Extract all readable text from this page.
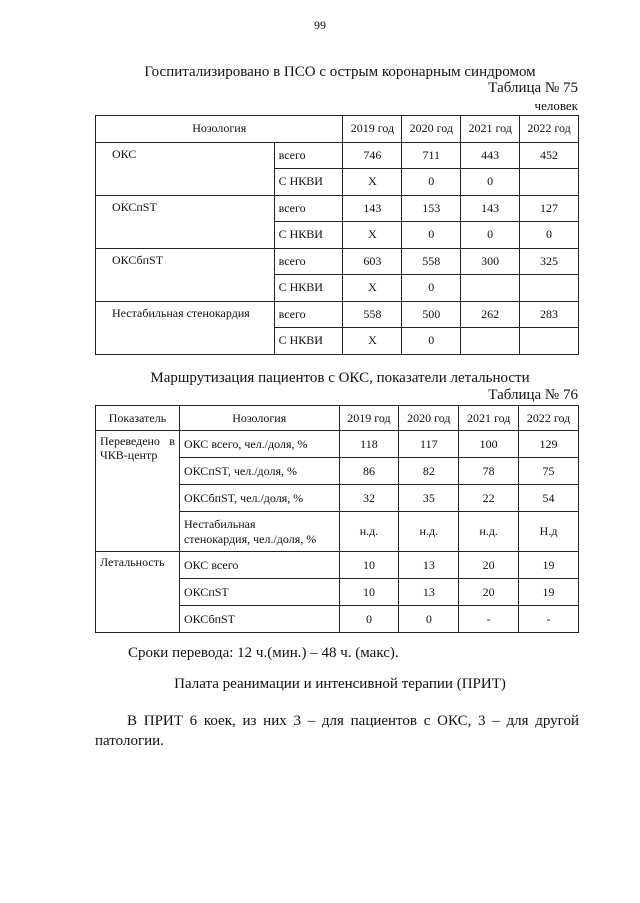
99
Госпитализировано в ПСО с острым коронарным синдромом
Таблица № 75
человек
Нозология		2019 год	2020 год	2021 год	2022 год
ОКС	всего	746	711	443	452
	С НКВИ	Х	0	0	
ОКСпST	всего	143	153	143	127
	С НКВИ	Х	0	0	0
ОКСбпST	всего	603	558	300	325
	С НКВИ	Х	0		
Нестабильная стенокардия	всего	558	500	262	283
	С НКВИ	Х	0		
Маршрутизация пациентов с ОКС, показатели летальности
Таблица № 76
Показатель	Нозология	2019 год	2020 год	2021 год	2022 год

Переведено в
ЧКВ-центр	ОКС всего, чел./доля, %	118	117	100	129
	ОКСпST, чел./доля, %	86	82	78	75
	ОКСбпST, чел./доля, %	32	35	22	54

	Нестабильная
стенокардия, чел./доля, %	н.д.	н.д.	н.д.	Н.д
Летальность	ОКС всего	10	13	20	19
	ОКСпST	10	13	20	19
	ОКСбпST	0	0	-	-
Сроки перевода: 12 ч.(мин.) – 48 ч. (макс).
Палата реанимации и интенсивной терапии (ПРИТ)
В ПРИТ 6 коек, из них 3 – для пациентов с ОКС, 3 – для другой патологии.
